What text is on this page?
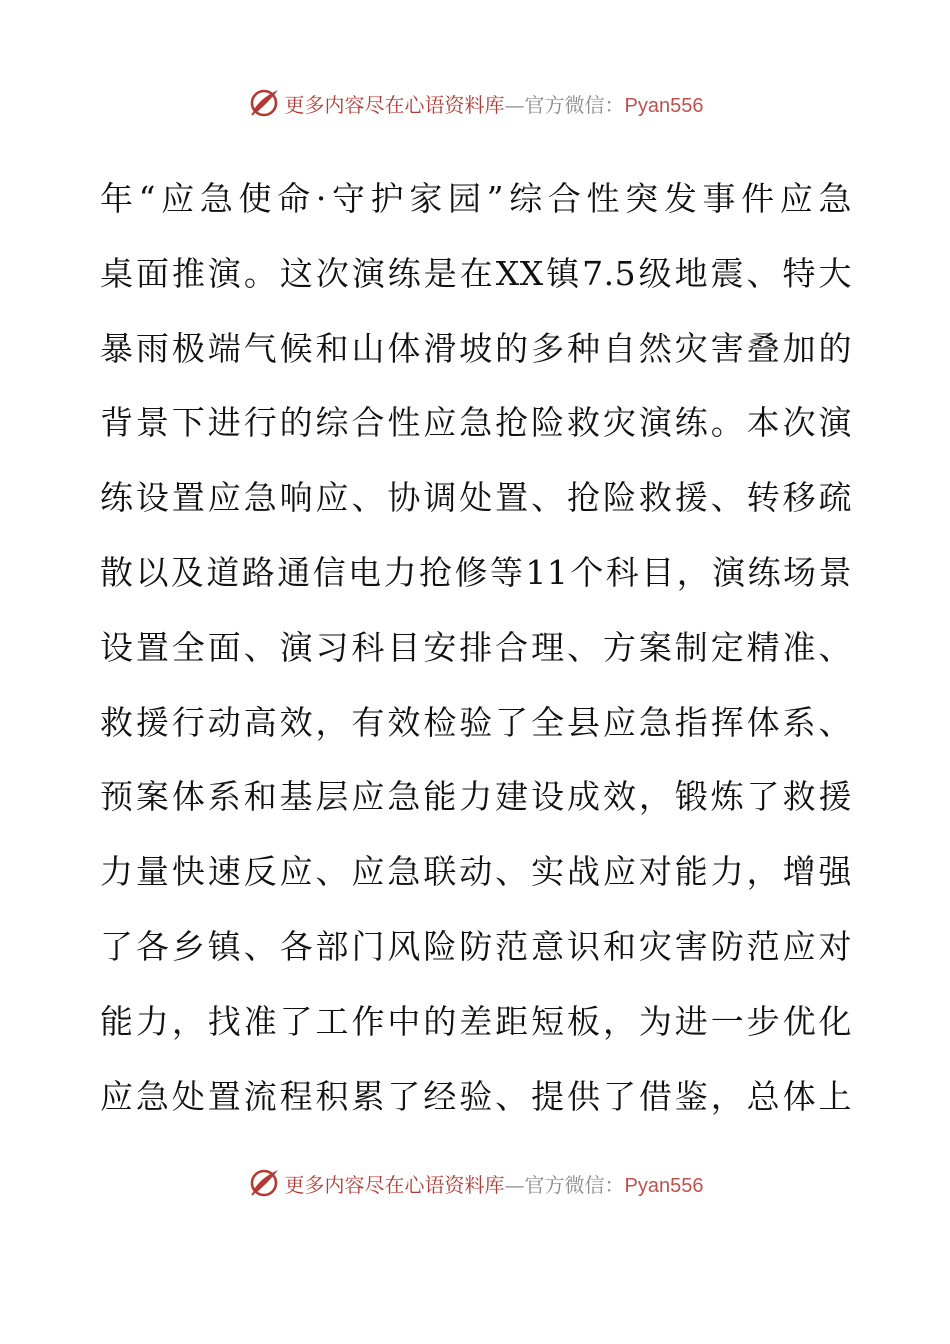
更多内容尽在心语资料库—官方微信：Pyan556
年“应急使命·守护家园”综合性突发事件应急
桌面推演。这次演练是在XX镇7.5级地震、特大
暴雨极端气候和山体滑坡的多种自然灾害叠加的
背景下进行的综合性应急抢险救灾演练。本次演
练设置应急响应、协调处置、抢险救援、转移疏
散以及道路通信电力抢修等11个科目，演练场景
设置全面、演习科目安排合理、方案制定精准、
救援行动高效，有效检验了全县应急指挥体系、
预案体系和基层应急能力建设成效，锻炼了救援
力量快速反应、应急联动、实战应对能力，增强
了各乡镇、各部门风险防范意识和灾害防范应对
能力，找准了工作中的差距短板，为进一步优化
应急处置流程积累了经验、提供了借鉴，总体上
更多内容尽在心语资料库—官方微信：Pyan556
